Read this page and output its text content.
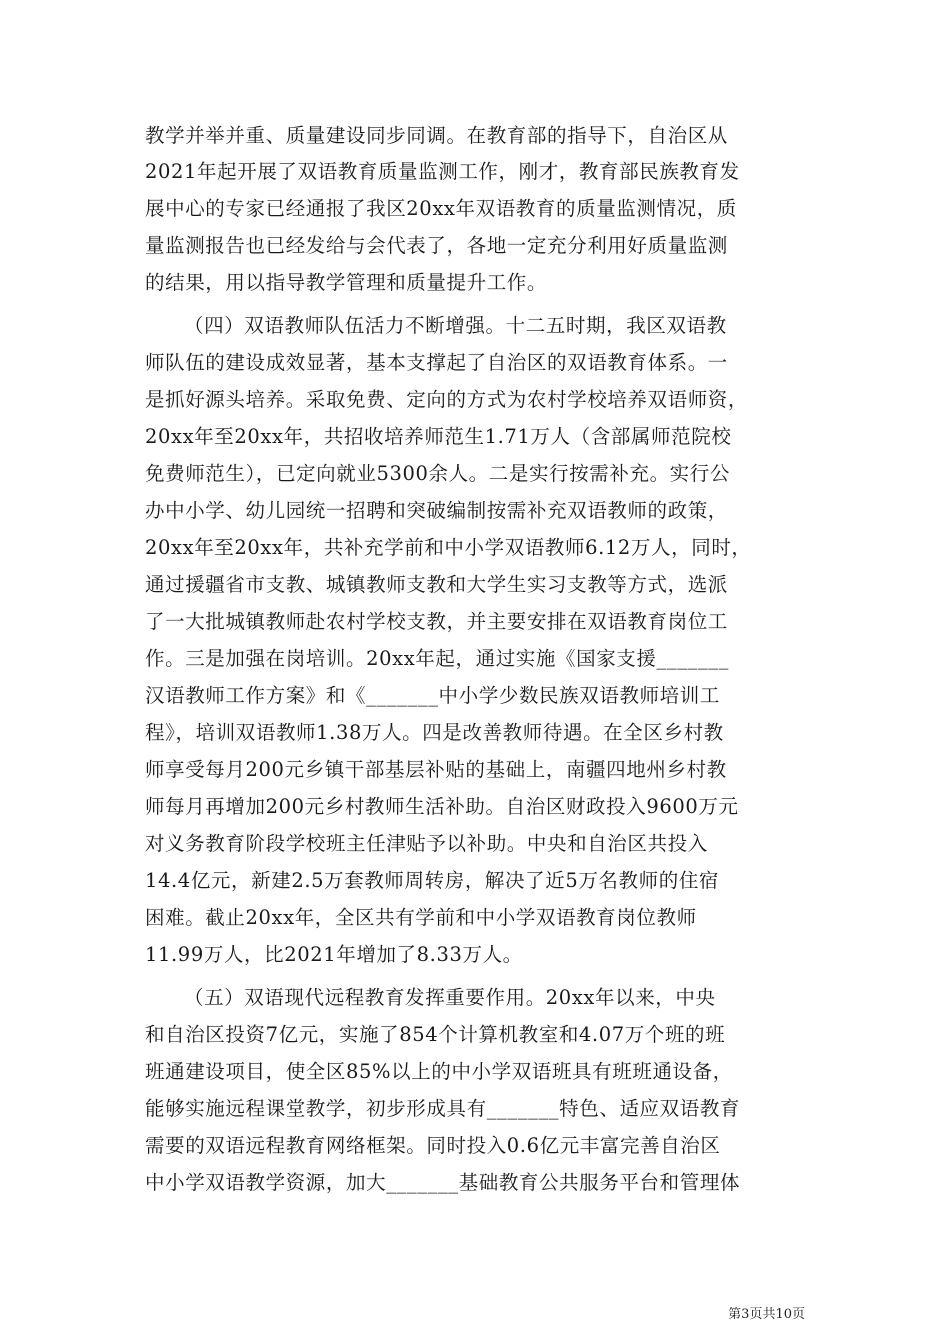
教学并举并重、质量建设同步同调。在教育部的指导下，自治区从
2021年起开展了双语教育质量监测工作，刚才，教育部民族教育发
展中心的专家已经通报了我区20xx年双语教育的质量监测情况，质
量监测报告也已经发给与会代表了，各地一定充分利用好质量监测
的结果，用以指导教学管理和质量提升工作。
（四）双语教师队伍活力不断增强。十二五时期，我区双语教
师队伍的建设成效显著，基本支撑起了自治区的双语教育体系。一
是抓好源头培养。采取免费、定向的方式为农村学校培养双语师资，
20xx年至20xx年，共招收培养师范生1.71万人（含部属师范院校
免费师范生），已定向就业5300余人。二是实行按需补充。实行公
办中小学、幼儿园统一招聘和突破编制按需补充双语教师的政策，
20xx年至20xx年，共补充学前和中小学双语教师6.12万人，同时，
通过援疆省市支教、城镇教师支教和大学生实习支教等方式，选派
了一大批城镇教师赴农村学校支教，并主要安排在双语教育岗位工
作。三是加强在岗培训。20xx年起，通过实施《国家支援_______
汉语教师工作方案》和《_______中小学少数民族双语教师培训工
程》，培训双语教师1.38万人。四是改善教师待遇。在全区乡村教
师享受每月200元乡镇干部基层补贴的基础上，南疆四地州乡村教
师每月再增加200元乡村教师生活补助。自治区财政投入9600万元
对义务教育阶段学校班主任津贴予以补助。中央和自治区共投入
14.4亿元，新建2.5万套教师周转房，解决了近5万名教师的住宿
困难。截止20xx年，全区共有学前和中小学双语教育岗位教师
11.99万人，比2021年增加了8.33万人。
（五）双语现代远程教育发挥重要作用。20xx年以来，中央
和自治区投资7亿元，实施了854个计算机教室和4.07万个班的班
班通建设项目，使全区85%以上的中小学双语班具有班班通设备，
能够实施远程课堂教学，初步形成具有_______特色、适应双语教育
需要的双语远程教育网络框架。同时投入0.6亿元丰富完善自治区
中小学双语教学资源，加大_______基础教育公共服务平台和管理体
第3页共10页
